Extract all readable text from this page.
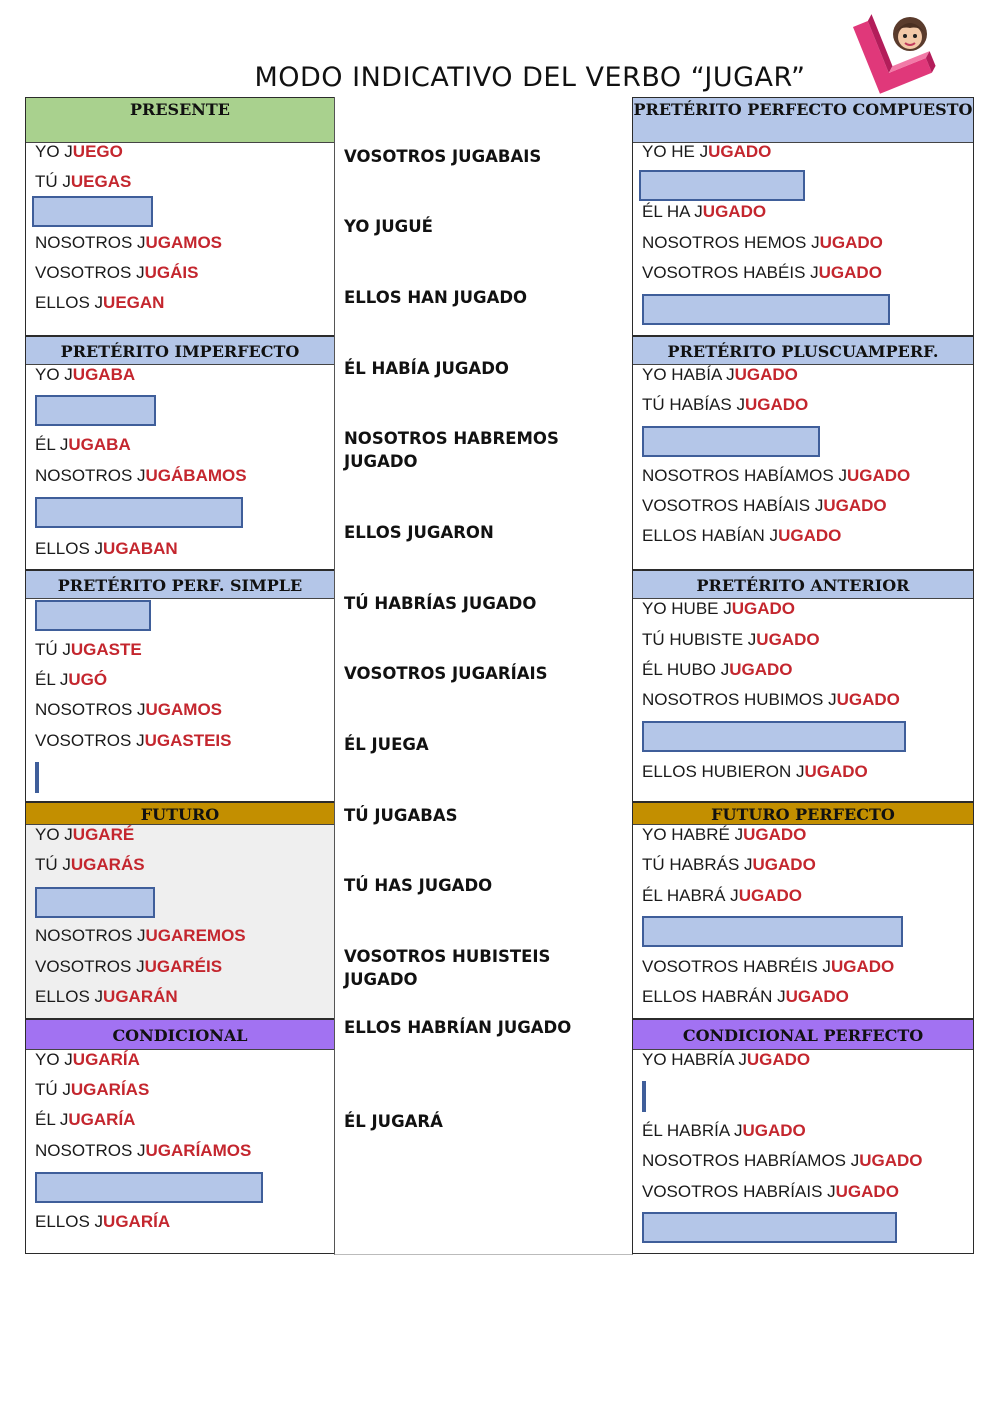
MODO INDICATIVO DEL VERBO “JUGAR”
PRESENTE
YO JUEGO
TÚ JUEGAS
NOSOTROS JUGAMOS
VOSOTROS JUGÁIS
ELLOS JUEGAN
PRETÉRITO IMPERFECTO
YO JUGABA
ÉL JUGABA
NOSOTROS JUGÁBAMOS
ELLOS JUGABAN
PRETÉRITO PERF. SIMPLE
TÚ JUGASTE
ÉL JUGÓ
NOSOTROS JUGAMOS
VOSOTROS JUGASTEIS
FUTURO
YO JUGARÉ
TÚ JUGARÁS
NOSOTROS JUGAREMOS
VOSOTROS JUGARÉIS
ELLOS JUGARÁN
CONDICIONAL
YO JUGARÍA
TÚ JUGARÍAS
ÉL JUGARÍA
NOSOTROS JUGARÍAMOS
ELLOS JUGARÍA
VOSOTROS JUGABAIS
YO JUGUÉ
ELLOS HAN JUGADO
ÉL HABÍA JUGADO
NOSOTROS HABREMOS JUGADO
ELLOS JUGARON
TÚ HABRÍAS JUGADO
VOSOTROS JUGARÍAIS
ÉL JUEGA
TÚ JUGABAS
TÚ HAS JUGADO
VOSOTROS HUBISTEIS JUGADO
ELLOS HABRÍAN JUGADO
ÉL JUGARÁ
PRETÉRITO PERFECTO COMPUESTO
YO HE JUGADO
ÉL HA JUGADO
NOSOTROS HEMOS JUGADO
VOSOTROS HABÉIS JUGADO
PRETÉRITO PLUSCUAMPERF.
YO HABÍA JUGADO
TÚ HABÍAS JUGADO
NOSOTROS HABÍAMOS JUGADO
VOSOTROS HABÍAIS JUGADO
ELLOS HABÍAN JUGADO
PRETÉRITO ANTERIOR
YO HUBE JUGADO
TÚ HUBISTE JUGADO
ÉL HUBO JUGADO
NOSOTROS HUBIMOS JUGADO
ELLOS HUBIERON JUGADO
FUTURO PERFECTO
YO HABRÉ JUGADO
TÚ HABRÁS JUGADO
ÉL HABRÁ JUGADO
VOSOTROS HABRÉIS JUGADO
ELLOS HABRÁN JUGADO
CONDICIONAL PERFECTO
YO HABRÍA JUGADO
ÉL HABRÍA JUGADO
NOSOTROS HABRÍAMOS JUGADO
VOSOTROS HABRÍAIS JUGADO
